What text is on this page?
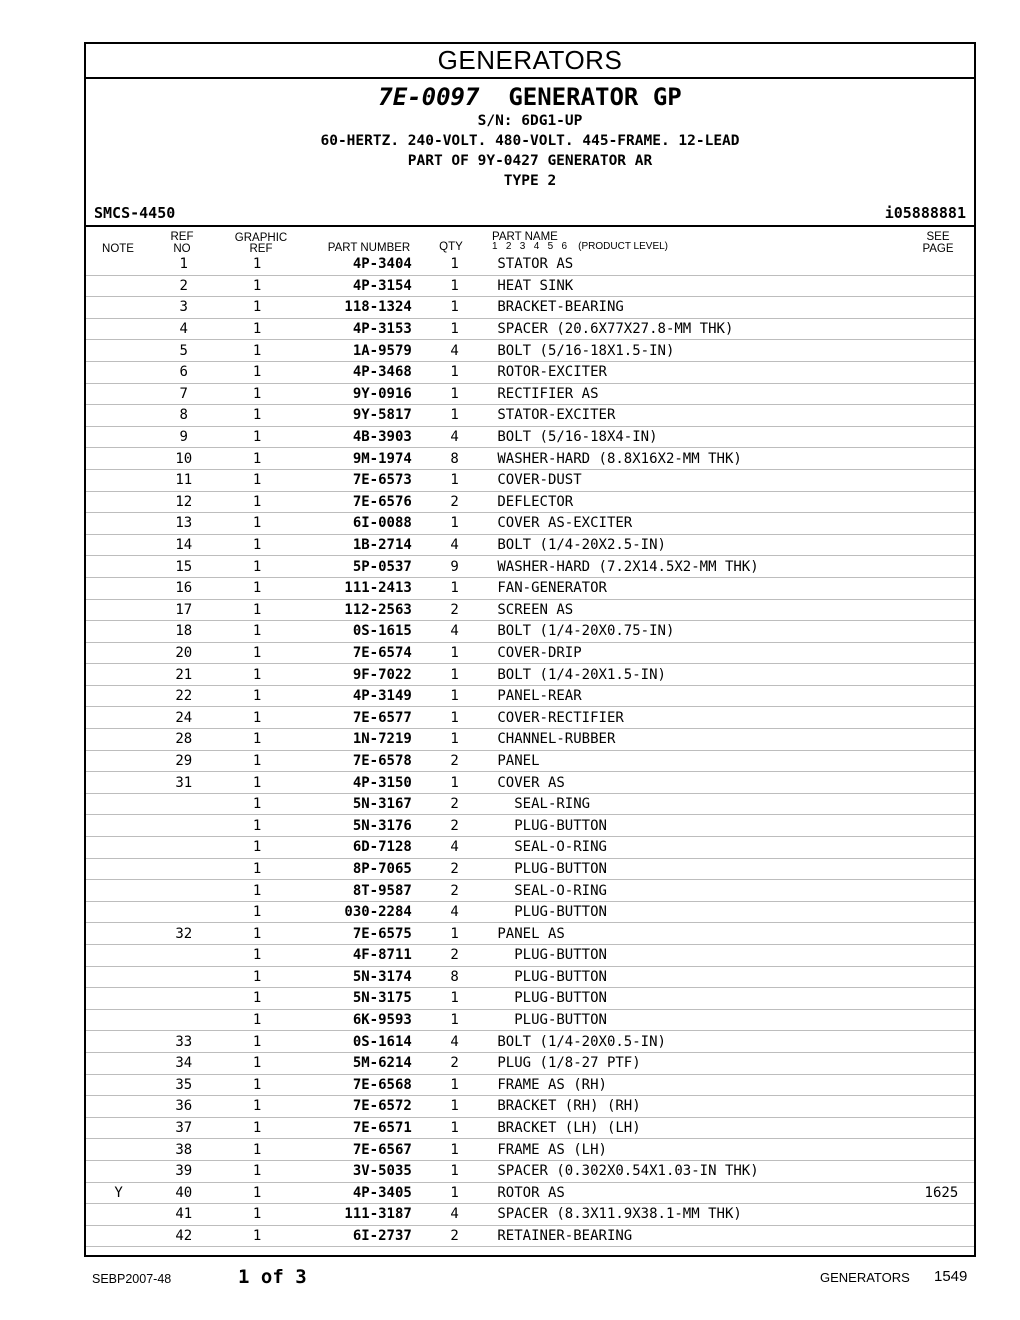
GENERATORS
7E-0097 GENERATOR GP
S/N: 6DG1-UP
60-HERTZ. 240-VOLT. 480-VOLT. 445-FRAME. 12-LEAD
PART OF 9Y-0427 GENERATOR AR
TYPE 2
SMCS-4450	i05888881
NOTE
REF
NO
GRAPHIC
REF	PART NUMBER	QTY
PART NAME
1   2   3   4   5   6 (PRODUCT LEVEL)
SEE
PAGE
	1	1	4P-3404	1	STATOR AS	
	2	1	4P-3154	1	HEAT SINK	
	3	1	118-1324	1	BRACKET-BEARING	
	4	1	4P-3153	1	SPACER (20.6X77X27.8-MM THK)	
	5	1	1A-9579	4	BOLT (5/16-18X1.5-IN)	
	6	1	4P-3468	1	ROTOR-EXCITER	
	7	1	9Y-0916	1	RECTIFIER AS	
	8	1	9Y-5817	1	STATOR-EXCITER	
	9	1	4B-3903	4	BOLT (5/16-18X4-IN)	
	10	1	9M-1974	8	WASHER-HARD (8.8X16X2-MM THK)	
	11	1	7E-6573	1	COVER-DUST	
	12	1	7E-6576	2	DEFLECTOR	
	13	1	6I-0088	1	COVER AS-EXCITER	
	14	1	1B-2714	4	BOLT (1/4-20X2.5-IN)	
	15	1	5P-0537	9	WASHER-HARD (7.2X14.5X2-MM THK)	
	16	1	111-2413	1	FAN-GENERATOR	
	17	1	112-2563	2	SCREEN AS	
	18	1	0S-1615	4	BOLT (1/4-20X0.75-IN)	
	20	1	7E-6574	1	COVER-DRIP	
	21	1	9F-7022	1	BOLT (1/4-20X1.5-IN)	
	22	1	4P-3149	1	PANEL-REAR	
	24	1	7E-6577	1	COVER-RECTIFIER	
	28	1	1N-7219	1	CHANNEL-RUBBER	
	29	1	7E-6578	2	PANEL	
	31	1	4P-3150	1	COVER AS	
		1	5N-3167	2	SEAL-RING	
		1	5N-3176	2	PLUG-BUTTON	
		1	6D-7128	4	SEAL-O-RING	
		1	8P-7065	2	PLUG-BUTTON	
		1	8T-9587	2	SEAL-O-RING	
		1	030-2284	4	PLUG-BUTTON	
	32	1	7E-6575	1	PANEL AS	
		1	4F-8711	2	PLUG-BUTTON	
		1	5N-3174	8	PLUG-BUTTON	
		1	5N-3175	1	PLUG-BUTTON	
		1	6K-9593	1	PLUG-BUTTON	
	33	1	0S-1614	4	BOLT (1/4-20X0.5-IN)	
	34	1	5M-6214	2	PLUG (1/8-27 PTF)	
	35	1	7E-6568	1	FRAME AS (RH)	
	36	1	7E-6572	1	BRACKET (RH) (RH)	
	37	1	7E-6571	1	BRACKET (LH) (LH)	
	38	1	7E-6567	1	FRAME AS (LH)	
	39	1	3V-5035	1	SPACER (0.302X0.54X1.03-IN THK)	
Y	40	1	4P-3405	1	ROTOR AS	1625
	41	1	111-3187	4	SPACER (8.3X11.9X38.1-MM THK)	
	42	1	6I-2737	2	RETAINER-BEARING	
SEBP2007-48	1 of 3	GENERATORS 1549
